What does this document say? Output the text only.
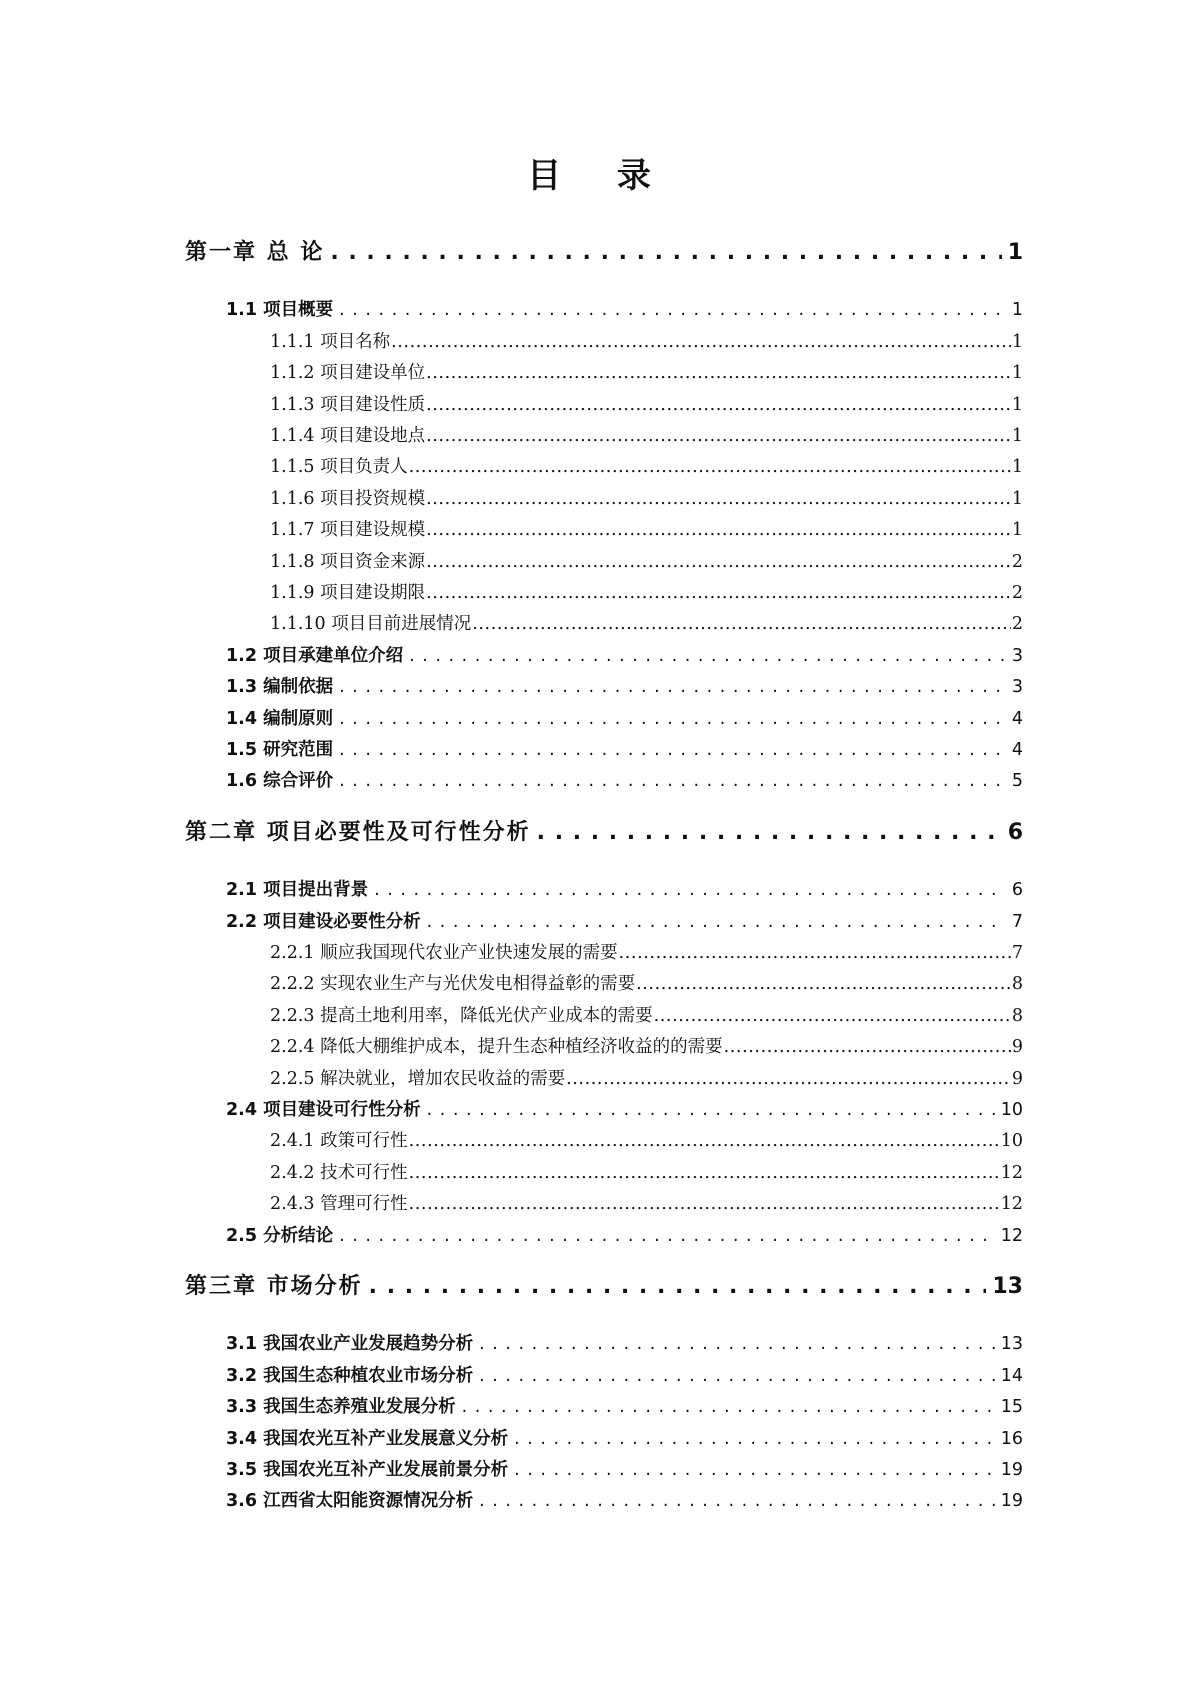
目 录
第一章 总 论 . . .	1
1.1 项目概要 . . .	1
1.1.1 项目名称 .....	1
1.1.2 项目建设单位 .....	1
1.1.3 项目建设性质 .....	1
1.1.4 项目建设地点 .....	1
1.1.5 项目负责人 .....	1
1.1.6 项目投资规模 .....	1
1.1.7 项目建设规模 .....	1
1.1.8 项目资金来源 .....	2
1.1.9 项目建设期限 .....	2
1.1.10 项目目前进展情况 .....	2
1.2 项目承建单位介绍 . . .	3
1.3 编制依据 . . .	3
1.4 编制原则 . . .	4
1.5 研究范围 . . .	4
1.6 综合评价 . . .	5
第二章 项目必要性及可行性分析 . . .	6
2.1 项目提出背景 . . .	6
2.2 项目建设必要性分析 . . .	7
2.2.1 顺应我国现代农业产业快速发展的需要 .....	7
2.2.2 实现农业生产与光伏发电相得益彰的需要 .....	8
2.2.3 提高土地利用率，降低光伏产业成本的需要 .....	8
2.2.4 降低大棚维护成本，提升生态种植经济收益的的需要 .....	9
2.2.5 解决就业，增加农民收益的需要 .....	9
2.4 项目建设可行性分析 . . .	10
2.4.1 政策可行性 .....	10
2.4.2 技术可行性 .....	12
2.4.3 管理可行性 .....	12
2.5 分析结论 . . .	12
第三章 市场分析 . . .	13
3.1 我国农业产业发展趋势分析 . . .	13
3.2 我国生态种植农业市场分析 . . .	14
3.3 我国生态养殖业发展分析 . . .	15
3.4 我国农光互补产业发展意义分析 . . .	16
3.5 我国农光互补产业发展前景分析 . . .	19
3.6 江西省太阳能资源情况分析 . . .	19
